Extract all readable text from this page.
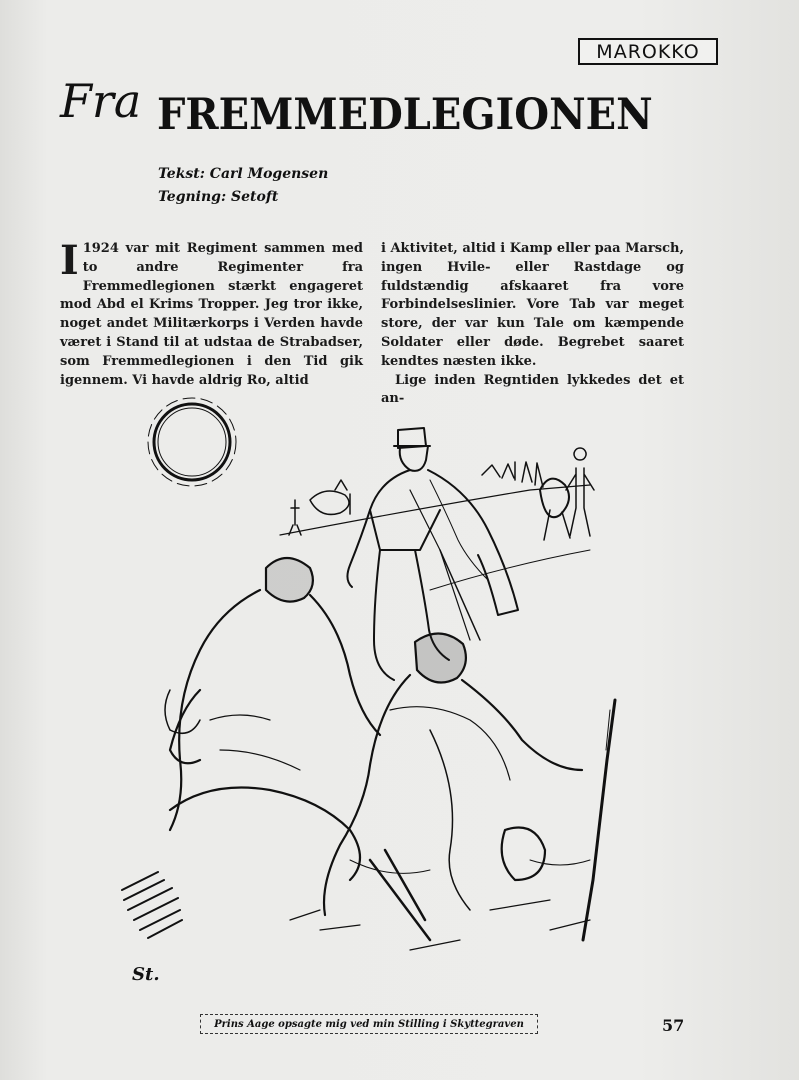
MAROKKO
Fra FREMMEDLEGIONEN
Tekst: Carl Mogensen
Tegning: Setoft

I 1924 var mit Regiment sammen med to andre Regimenter fra Fremmedlegionen stærkt engageret mod Abd el Krims Tropper. Jeg tror ikke, noget andet Militærkorps i Verden havde været i Stand til at udstaa de Strabadser, som Fremmedlegionen i den Tid gik igennem. Vi havde aldrig Ro, altid

i Aktivitet, altid i Kamp eller paa Marsch, ingen Hvile- eller Rastdage og fuldstændig afskaaret fra vore Forbindelseslinier. Vore Tab var meget store, der var kun Tale om kæmpende Soldater eller døde. Begrebet saaret kendtes næsten ikke.

Lige inden Regntiden lykkedes det et an-

St.
Prins Aage opsagte mig ved min Stilling i Skyttegraven	57
